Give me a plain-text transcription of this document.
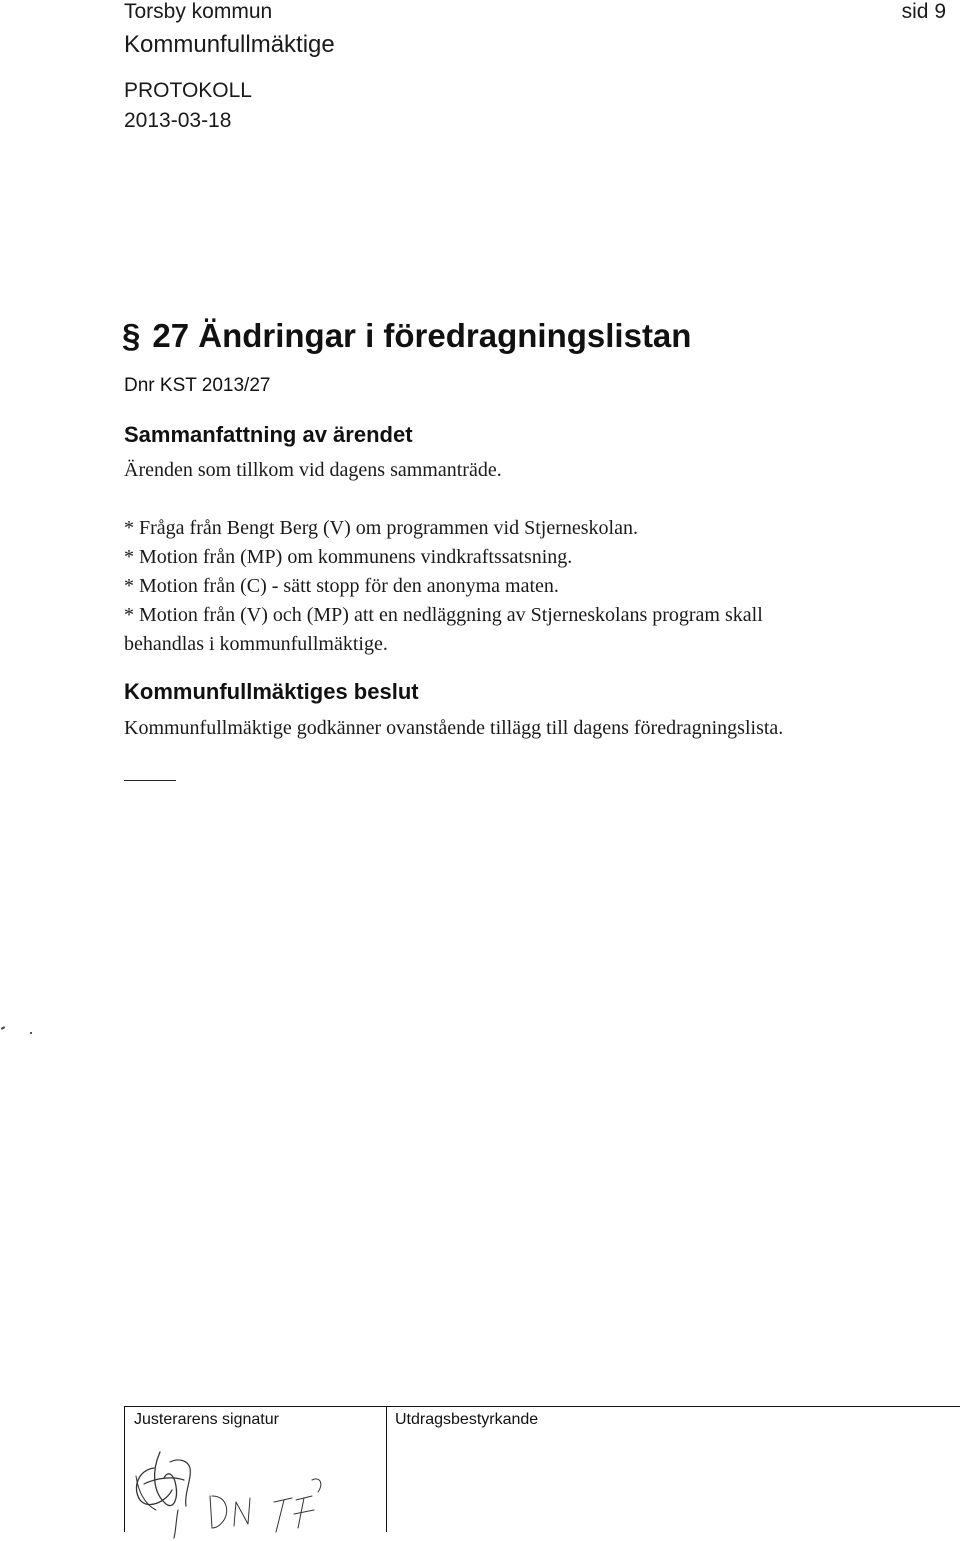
Torsby kommun
Kommunfullmäktige
PROTOKOLL
2013-03-18
sid 9
§ 27 Ändringar i föredragningslistan
Dnr KST 2013/27
Sammanfattning av ärendet
Ärenden som tillkom vid dagens sammanträde.
* Fråga från Bengt Berg (V) om programmen vid Stjerneskolan.
* Motion från (MP) om kommunens vindkraftssatsning.
* Motion från (C) - sätt stopp för den anonyma maten.
* Motion från (V) och (MP) att en nedläggning av Stjerneskolans program skall
behandlas i kommunfullmäktige.
Kommunfullmäktiges beslut
Kommunfullmäktige godkänner ovanstående tillägg till dagens föredragningslista.
Justerarens signatur	Utdragsbestyrkande
